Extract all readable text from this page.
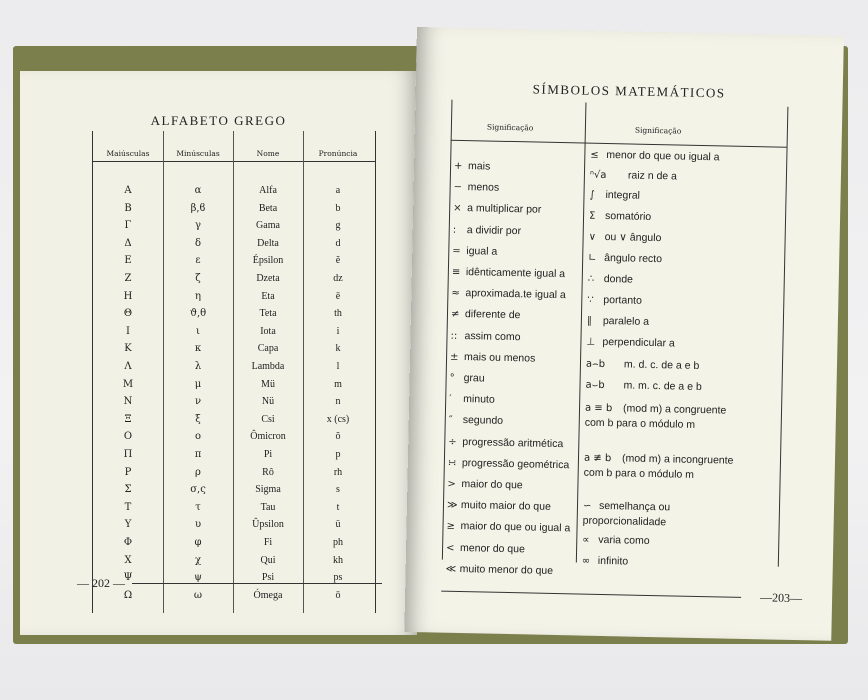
ALFABETO GREGO
Maiúsculas	Minúsculas	Nome	Pronúncia
Α	α	Alfa	a
Β	β,ϐ	Beta	b
Γ	γ	Gama	g
Δ	δ	Delta	d
Ε	ε	Épsilon	ĕ
Ζ	ζ	Dzeta	dz
Η	η	Eta	ē
Θ	ϑ,θ	Teta	th
Ι	ι	Iota	i
Κ	κ	Capa	k
Λ	λ	Lambda	l
Μ	μ	Mü	m
Ν	ν	Nü	n
Ξ	ξ	Csi	x (cs)
Ο	ο	Ômicron	ŏ
Π	π	Pi	p
Ρ	ρ	Rô	rh
Σ	σ,ς	Sigma	s
Τ	τ	Tau	t
Υ	υ	Ûpsilon	ü
Φ	φ	Fi	ph
Χ	χ	Qui	kh
Ψ	ψ	Psi	ps
Ω	ω	Ómega	ō
— 202 —
SÍMBOLOS MATEMÁTICOS
Significação	Significação
+ mais
− menos
× a multiplicar por
: a dividir por
= igual a
≡ idênticamente igual a
≈ aproximada.te igual a
≠ diferente de
:: assim como
± mais ou menos
° grau
′ minuto
″ segundo
÷ progressão aritmética
∺ progressão geométrica
> maior do que
≫ muito maior do que
≥ maior do que ou igual a
< menor do que
≪ muito menor do que
≤ menor do que ou igual a
ⁿ√a raiz n de a
∫ integral
Σ somatório
∨ ou ∨ ângulo
∟ ângulo recto
∴ donde
∵ portanto
∥ paralelo a
⊥ perpendicular a
a⌢b m. d. c. de a e b
a⌣b m. m. c. de a e b
a ≡ b (mod m) a congruente com b para o módulo m
a ≢ b (mod m) a incongruente com b para o módulo m
∽ semelhança ou proporcionalidade
∝ varia como
∞ infinito
—203—
